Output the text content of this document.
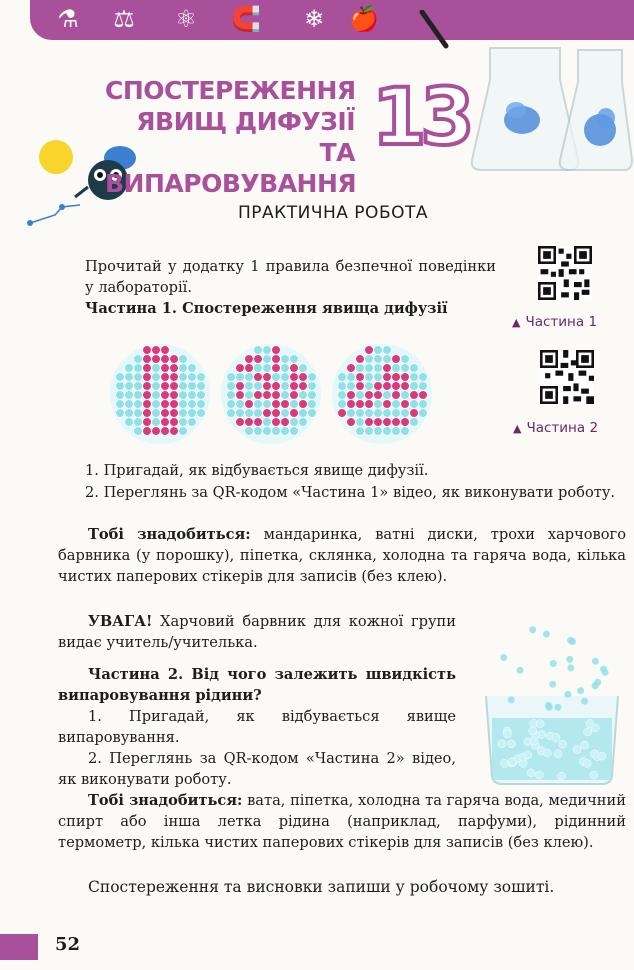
⚗ ⚖ ⚛ 🧲 ❄ 🍎
СПОСТЕРЕЖЕННЯ
ЯВИЩ ДИФУЗІЇ ТА
ВИПАРОВУВАННЯ
13
ПРАКТИЧНА РОБОТА

Прочитай у додатку 1 правила безпечної поведінки у лабораторії.

Частина 1. Спостереження явища дифузії

▲ Частина 1
▲ Частина 2

1. Пригадай, як відбувається явище дифузії.

2. Переглянь за QR-кодом «Частина 1» відео, як виконувати роботу.

Тобі знадобиться: мандаринка, ватні диски, трохи харчового барвника (у порошку), піпетка, склянка, холодна та гаряча вода, кілька чистих паперових стікерів для записів (без клею).

УВАГА! Харчовий барвник для кожної групи видає учитель/учителька.

Частина 2. Від чого залежить швидкість випаровування рідини?

1. Пригадай, як відбувається явище випаровування.

2. Переглянь за QR-кодом «Частина 2» відео, як виконувати роботу.

Тобі знадобиться: вата, піпетка, холодна та гаряча вода, медичний спирт або інша летка рідина (наприклад, парфуми), рідинний термометр, кілька чистих паперових стікерів для записів (без клею).

Спостереження та висновки запиши у робочому зошиті.

52
